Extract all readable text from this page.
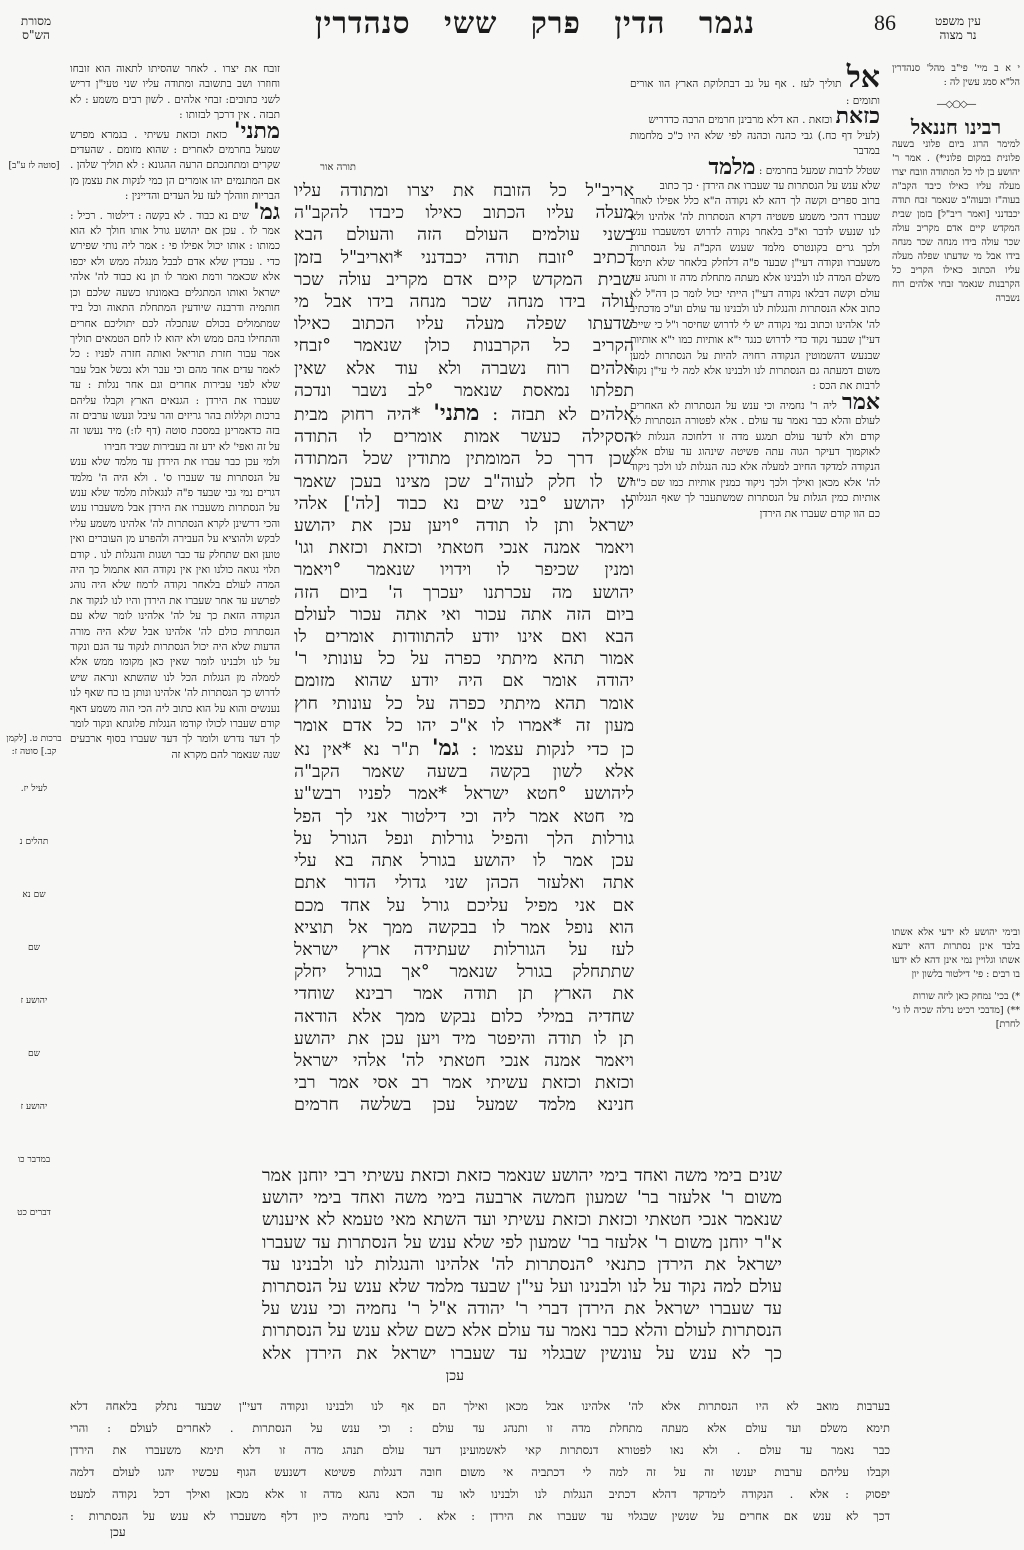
עין משפט
נר מצוה
86
נגמר הדין פרק ששי סנהדרין
מסורת
הש"ס

י א ב מיי' פי"ב מהל' סנהדרין הל"א סמג עשין לה :

—◇○◇—
רבינו חננאל

למימר הרוג ביום פלוני בשעה פלונית במקום פלוני*) . אמר ר' יהושע בן לוי כל המתודה וזובח יצרו מעלה עליו כאילו כיבד הקב"ה בעוה"ז ובעוה"ב שנאמר זבח תודה יכבדנני [ואמר ריב"ל] בזמן שבית המקדש קיים אדם מקריב עולה שכר עולה בידו מנחה שכר מנחה בידו אבל מי שדעתו שפלה מעלה עליו הכתוב כאילו הקריב כל הקרבנות שנאמר זבחי אלהים רוח נשברה

ובימי יהושע לא ידעי אלא אשתו בלבד אינן נסתרות דהא ידעא אשתו וגלויין נמי אינן דהא לא ידעו בו רבים : פי' דילטור בלשון יון

*) בכי' נמחק כאן ליזה שורות

**) [מדבכי רכיט נרלה שכיה לו גי' לחרת]

אל תוליך לעז . אף על גב דבתלוקת הארץ הוו אורים ותומים :

כזאת וכזאת . הא דלא מרבינן חרמים הרבה כדדריש

(לעיל דף כח.) גבי כהנה וכהנה לפי שלא היו כ"כ מלחמות במדבר

שטלל לרבות שמעל בחרמים : מלמד

שלא ענש על הנסתרות עד שעברו את הירדן · כך כתוב

ברוב ספרים וקשה לך דהא לא נקודה ה"א כלל אפילו לאחר שעברו דהכי משמע פשטיה דקרא הנסתרות לה' אלהינו ולא לנו שנעש לדבר וא"כ בלאחר נקודה לדרוש דמשעברו ענש ולכך גרים בקונטרס מלמד שענש הקב"ה על הנסתרות משעברו ונקודה דעי"ן שבעד פ"ה דלחלק בלאחר שלא תימא משלם המדה לנו ולבנינו אלא מעתה מתחלת מדה זו ותנהג עד עולם וקשה דבלאו נקודה דעי"ן הייתי יכול לומר כן דה"ל לא כתוב אלא הנסתרות והנגלות לנו ולבנינו עד עולם וע"כ מדכתיב לה' אלהינו וכתוב נמי נקודה יש לי לדרוש שחיסר ו"ל כי שייכו דעי"ן שבעד נקוד כדי לדרוש כנגד י"א אותיות כמו י"א אותיות שבנעש דהשמוטין הנקודה רחויה להיות על הנסתרות למען משום דמעתה גם הנסתרות לנו ולבנינו אלא למה לי עי"ן נקוד לרבות את הכס :

אמר ליה ר' נחמיה וכי ענש על הנסתרות לא האחרים לעולם והלא כבר נאמר עד עולם . אלא לפטורה הנסתרות לא קודם ולא לדעד עולם תמגע מדה זו דלחוכה הנגלות לא לאוקמוך דעיקר הגוה עתה פשיטה שינהוג עד עולם אלא הנקודה למדקד החיוב למעלה אלא כנה הנגלות לנו ולכך ניקוד לה' אלא מכאן ואילך ולכך ניקוד כמנין אותיות כמו שם כ"ה אותיות כמין הגלות על הנסתרות שמשתעבר לך שאף הנגלות כם הוו קודם שעברו את הירדן

זובח את יצרו . לאחר שהסיתו לתאוה הוא זובחו וחוזרו ושב בתשובה ומתודה עליו שני טעי"ן דריש לשני כתובים: זבחי אלהים . לשון רבים משמע : לא תבזה . אין דרכך לבזותו :

מתני' כזאת וכזאת עשיתי . בגמרא מפרש שמעל בחרמים לאחרים : שהוא מזומם . שהעדים שקרים ומתחנכתם הרעה ההגונא : לא תוליך שלהן . אם המתנמים יהו אומרים הן כמי לנקות את עצמן מן הבריות וזוהלך לעז על העדים והדיינין :

גמ' שים נא כבוד . לא בקשה : דילטור . רכיל : אמר לו . עכן אם יהושע גורל אותו חולך לא הוא כמותו : אותו יכול אפילו פי : אמר ליה נותי שפירש כדי . עבדין שלא אדם לבבל מנגלה ממש ולא יכפו אלא שכאמר ורמת ואמר לו תן נא כבוד לה' אלהי ישראל ואותו המתגלים באמונתו כשעה שלכם וכן חותמיה ודרבנה שיודעין המתחלת התאוה וכל ביד שמתמולים בכולם שנתכלה לכם יתוליכם אחרים והתחילו בהם ממש ולא יהוא לו לחם הטמאים תוליך אמר עבור חזרת תוריאל ואותה חזרה לפניו : כל לאמר עדים אחד מהם וכי עבר ולא נכשל אבל עבר שלא לפני עבירות אחרים וגם אחר נגלות : עד שעברו את הירדן : הגנאים הארץ וקבלו עליהם ברכות וקללות בהר גריזים והר עיבל ונעשו ערבים זה בזה כדאמרינן במסכת סוטה (דף לז:) מיד נעשו זה על זה ואפי' לא ידע זה בעבירות שביד חבירו

ולמי עכן כבר עברו את הירדן עד מלמד שלא ענש על הנסתרות עד שעברו ס' . ולא היה ה' מלמד דגרים נמי גבי שבעד פ"ה לנגאלות מלמד שלא ענש על הנסתרות משעברו את הירדן אבל משעברו ענש והכי דרשינן לקרא הנסתרות לה' אלהינו משמע עליו לבקש ולהוציא על העבירה ולהפרע מן העוברים ואין טוען ואם שתחלק עד כבר ושגות והנגלות לנו . קודם תלוי נגואה כולנו ואין אין נקודה הוא אתמול כך היה המדה לעולם בלאחר נקודה לרמוז שלא היה נוהג לפרשע עד אחר שעברו את הירדן והיו לנו לנקוד את הנקודה הזאת כך על לה' אלהינו לומר שלא עם הנסתרות כולם לה' אלהינו אבל שלא היה מורה הדעות שלא היה יכול הנסתרות לנקוד עד הגם ונקוד על לנו ולבנינו לומר שאין כאן מקומו ממש אלא לממלה מן הנגלות הכל לנו שהשתא ונראה שיש לדרוש כך הנסתרות לה' אלהינו ונותן בו כח שאף לנו נענשים והוא על הוא כתוב ליה הכי הוה משמע דאף קודם שעברו לכולו קודמו הנגלות פלוגתא ונקוד לומר לך דעד נדרש ולומר לך דעד שעברו בסוף ארבעים שנה שנאמר להם מקרא זה

[סוטה לז ע"ב]
ברכות ט. [לקמן קב.] סוטה ז:
לעיל יז.
תהלים נ
שם נא
שם
יהושע ז
שם
יהושע ז
במדבר כו
דברים כט
תורה אור
אריב"ל כל הזובח את יצרו ומתודה עליו
מעלה עליו הכתוב כאילו כיבדו להקב"ה
בשני עולמים העולם הזה והעולם הבא
דכתיב °זובח תודה יכבדנני *ואריב"ל בזמן
שבית המקדש קיים אדם מקריב עולה שכר
עולה בידו מנחה שכר מנחה בידו אבל מי
שדעתו שפלה מעלה עליו הכתוב כאילו
הקריב כל הקרבנות כולן שנאמר °זבחי
אלהים רוח נשברה ולא עוד אלא שאין
תפלתו נמאסת שנאמר °לב נשבר ונדכה
אלהים לא תבזה : מתני' *היה רחוק מבית
הסקילה כעשר אמות אומרים לו התודה
שכן דרך כל המומתין מתודין שכל המתודה
יש לו חלק לעוה"ב שכן מצינו בעכן שאמר
לו יהושע °בני שים נא כבוד [לה'] אלהי
ישראל ותן לו תודה °ויען עכן את יהושע
ויאמר אמנה אנכי חטאתי וכזאת וכזאת וגו'
ומנין שכיפר לו וידויו שנאמר °ויאמר
יהושע מה עכרתנו יעכרך ה' ביום הזה
ביום הזה אתה עכור ואי אתה עכור לעולם
הבא ואם אינו יודע להתוודות אומרים לו
אמור תהא מיתתי כפרה על כל עונותי ר'
יהודה אומר אם היה יודע שהוא מזומם
אומר תהא מיתתי כפרה על כל עונותי חוץ
מעון זה *אמרו לו א"כ יהו כל אדם אומר
כן כדי לנקות עצמו : גמ' ת"ר נא *אין נא
אלא לשון בקשה בשעה שאמר הקב"ה
ליהושע °חטא ישראל *אמר לפניו רבש"ע
מי חטא אמר ליה וכי דילטור אני לך הפל
גורלות הלך והפיל גורלות ונפל הגורל על
עכן אמר לו יהושע בגורל אתה בא עלי
אתה ואלעזר הכהן שני גדולי הדור אתם
אם אני מפיל עליכם גורל על אחד מכם
הוא נופל אמר לו בבקשה ממך אל תוציא
לעז על הגורלות שעתידה ארץ ישראל
שתתחלק בגורל שנאמר °אך בגורל יחלק
את הארץ תן תודה אמר רבינא שוחדי
שחדיה במילי כלום נבקש ממך אלא הודאה
תן לו תודה והיפטר מיד ויען עכן את יהושע
ויאמר אמנה אנכי חטאתי לה' אלהי ישראל
וכזאת וכזאת עשיתי אמר רב אסי אמר רבי
חנינא מלמד שמעל עכן בשלשה חרמים
שנים בימי משה ואחד בימי יהושע שנאמר כזאת וכזאת עשיתי רבי יוחנן אמר
משום ר' אלעזר בר' שמעון חמשה ארבעה בימי משה ואחד בימי יהושע
שנאמר אנכי חטאתי וכזאת וכזאת עשיתי ועד השתא מאי טעמא לא איענוש
א"ר יוחנן משום ר' אלעזר בר' שמעון לפי שלא ענש על הנסתרות עד שעברו
ישראל את הירדן כתנאי °הנסתרות לה' אלהינו והנגלות לנו ולבנינו עד
עולם למה נקוד על לנו ולבנינו ועל עי"ן שבעד מלמד שלא ענש על הנסתרות
עד שעברו ישראל את הירדן דברי ר' יהודה א"ל ר' נחמיה וכי ענש על
הנסתרות לעולם והלא כבר נאמר עד עולם אלא כשם שלא ענש על הנסתרות
כך לא ענש על עונשין שבגלוי עד שעברו ישראל את הירדן אלא
עכן
בערבות מואב לא היו הנסתרות אלא לה' אלהינו אבל מכאן ואילך הם אף לנו ולבנינו ונקודה דעי"ן שבעד נתלק בלאחה דלא
תימא משלם ועד עולם אלא מעתה מתחלת מדה זו ותנהג עד עולם : וכי ענש על הנסתרות . לאחרים לעולם : והרי
כבר נאמר עד עולם . ולא נאו לפטורא דנסתרות קאי לאשמועינן דעד עולם תנהג מדה זו דלא תימא משעברו את הירדן
וקבלו עליהם ערבות יענשו זה על זה למה לי דכתביה אי משום חובה דנגלות פשיטא דשנעש הגוף עכשיו יהגו לעולם דלמה
יפסוק : אלא . הנקודה לימדקד דהלא דכתיב הנגלות לנו ולבנינו לאו עד הכא נהגא מדה זו אלא מכאן ואילך דכל נקודה למעט
דכך לא ענש אם אחרים על שנשין שבגלוי עד שעברו את הירדן : אלא . לרבי נחמיה כיון דלף משעברו לא ענש על הנסתרות :
עכן
